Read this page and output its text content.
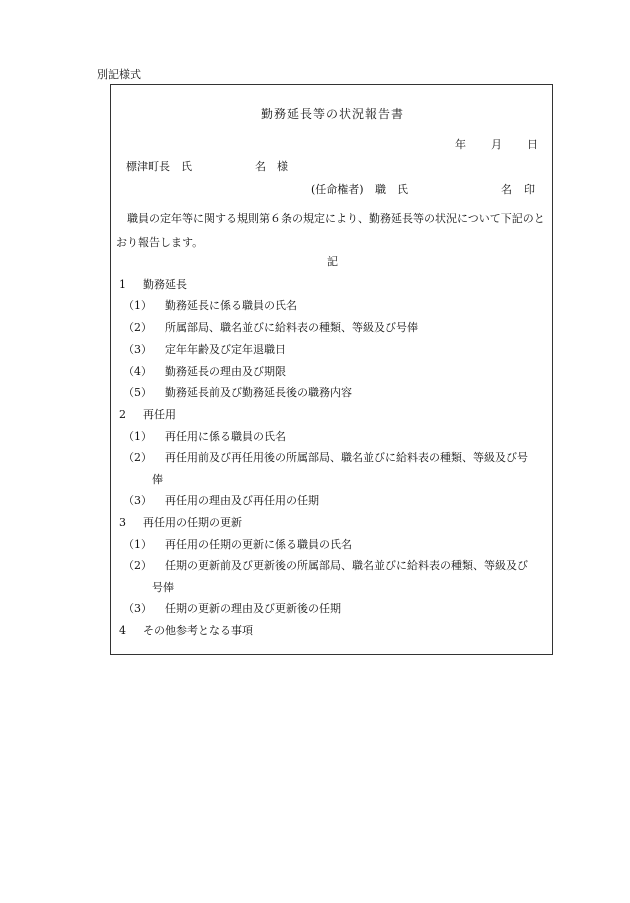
別記様式
勤務延長等の状況報告書
年 月 日
標津町長　氏	名 様
(任命権者) 職 氏	名 印
職員の定年等に関する規則第６条の規定により、勤務延長等の状況について下記のとおり報告します。
記
1 勤務延長
（1） 勤務延長に係る職員の氏名
（2） 所属部局、職名並びに給料表の種類、等級及び号俸
（3） 定年年齢及び定年退職日
（4） 勤務延長の理由及び期限
（5） 勤務延長前及び勤務延長後の職務内容
2 再任用
（1） 再任用に係る職員の氏名
（2） 再任用前及び再任用後の所属部局、職名並びに給料表の種類、等級及び号
俸
（3） 再任用の理由及び再任用の任期
3 再任用の任期の更新
（1） 再任用の任期の更新に係る職員の氏名
（2） 任期の更新前及び更新後の所属部局、職名並びに給料表の種類、等級及び
号俸
（3） 任期の更新の理由及び更新後の任期
4 その他参考となる事項
